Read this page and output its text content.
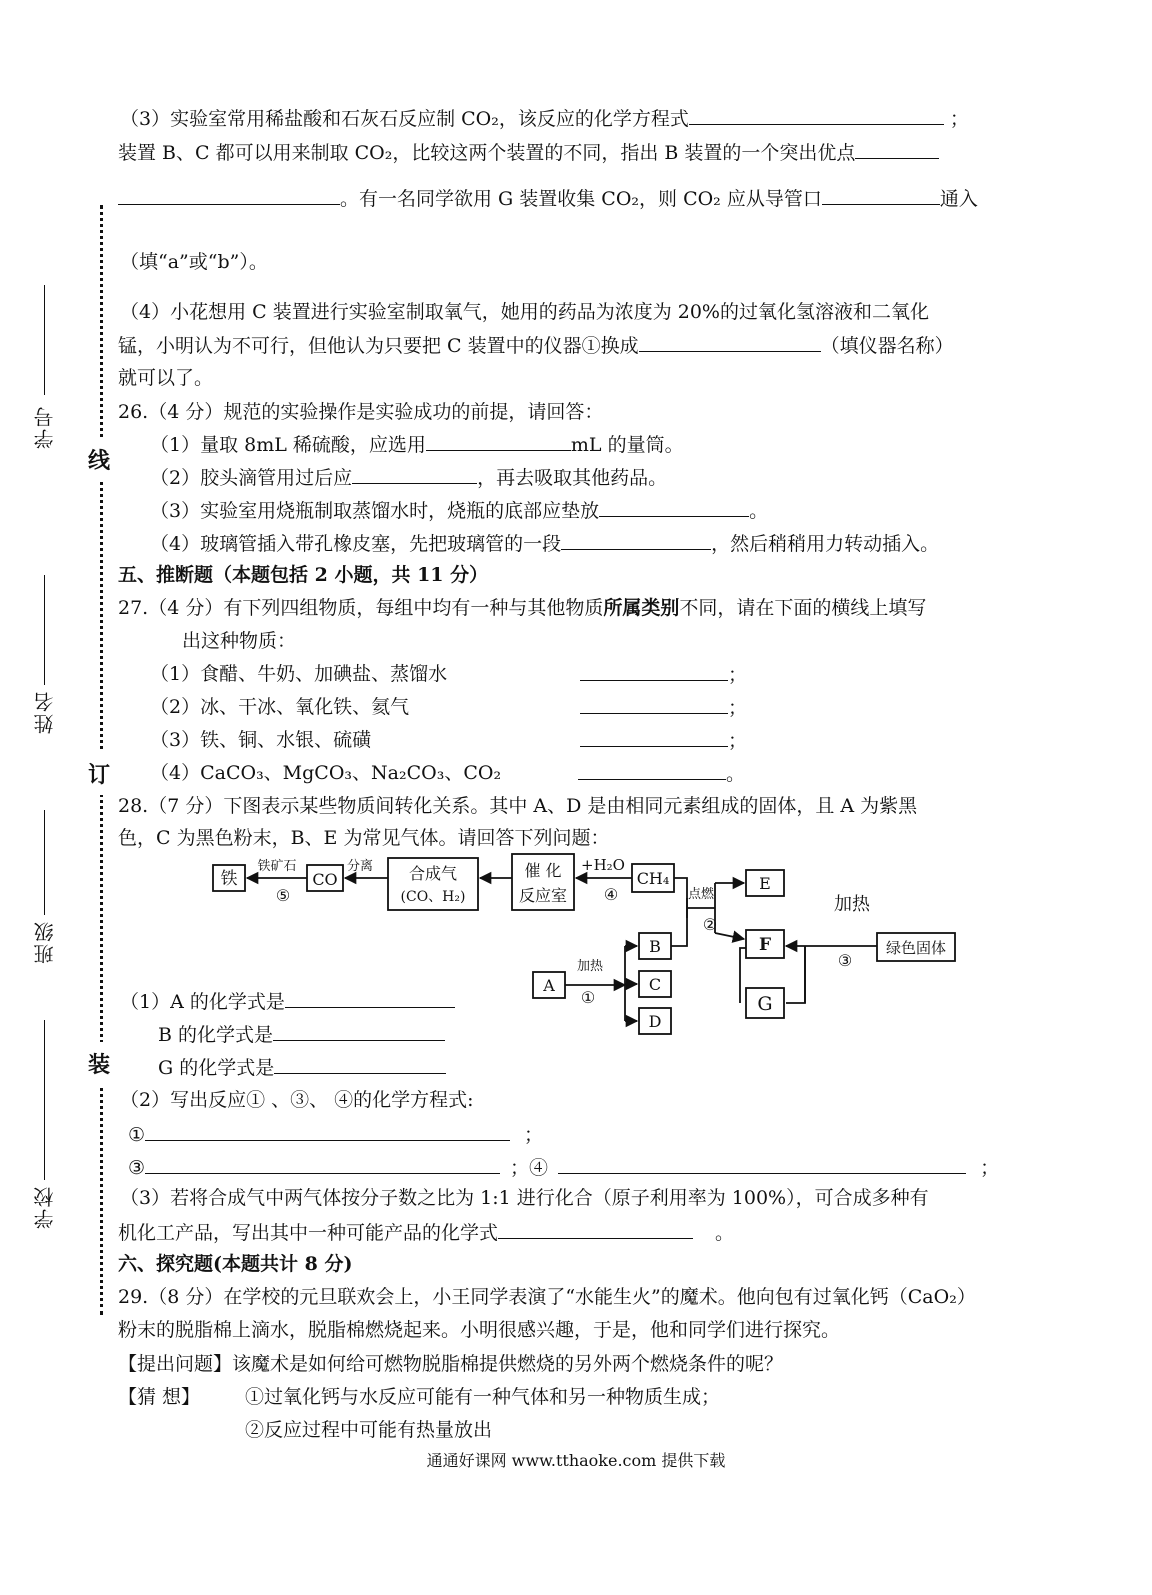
学号
姓名
班级
学校
线
订
装
（3）实验室常用稀盐酸和石灰石反应制 CO₂，该反应的化学方程式	；
装置 B、C 都可以用来制取 CO₂，比较这两个装置的不同，指出 B 装置的一个突出优点
。有一名同学欲用 G 装置收集 CO₂，则 CO₂ 应从导管口	通入
（填“a”或“b”）。
（4）小花想用 C 装置进行实验室制取氧气，她用的药品为浓度为 20%的过氧化氢溶液和二氧化
锰，小明认为不可行，但他认为只要把 C 装置中的仪器①换成	（填仪器名称）
就可以了。
26.（4 分）规范的实验操作是实验成功的前提，请回答：
（1）量取 8mL 稀硫酸，应选用	mL 的量筒。
（2）胶头滴管用过后应	，再去吸取其他药品。
（3）实验室用烧瓶制取蒸馏水时，烧瓶的底部应垫放	。
（4）玻璃管插入带孔橡皮塞，先把玻璃管的一段	，然后稍稍用力转动插入。
五、推断题（本题包括 2 小题，共 11 分）
27.（4 分）有下列四组物质，每组中均有一种与其他物质所属类别不同，请在下面的横线上填写
出这种物质：
（1）食醋、牛奶、加碘盐、蒸馏水	；
（2）冰、干冰、氧化铁、氦气	；
（3）铁、铜、水银、硫磺	；
（4）CaCO₃、MgCO₃、Na₂CO₃、CO₂	。
28.（7 分）下图表示某些物质间转化关系。其中 A、D 是由相同元素组成的固体，且 A 为紫黑
色，C 为黑色粉末，B、E 为常见气体。请回答下列问题：
铁	CO	合成气
(CO、H₂)
催 化
反应室
CH₄
铁矿石	分离	+H₂O
点燃	加热
加热
①
②
③
④
⑤
A
B
C
D
E
F
G
绿色固体
（1）A 的化学式是
B 的化学式是
G 的化学式是
（2）写出反应① 、③、 ④的化学方程式:
①	；
③	；④	；
（3）若将合成气中两气体按分子数之比为 1:1 进行化合（原子利用率为 100%），可合成多种有
机化工产品，写出其中一种可能产品的化学式	。
六、探究题(本题共计 8 分)
29.（8 分）在学校的元旦联欢会上，小王同学表演了“水能生火”的魔术。他向包有过氧化钙（CaO₂）
粉末的脱脂棉上滴水，脱脂棉燃烧起来。小明很感兴趣，于是，他和同学们进行探究。
【提出问题】该魔术是如何给可燃物脱脂棉提供燃烧的另外两个燃烧条件的呢？
【猜 想】 ①过氧化钙与水反应可能有一种气体和另一种物质生成；
②反应过程中可能有热量放出
通通好课网 www.tthaoke.com 提供下载
